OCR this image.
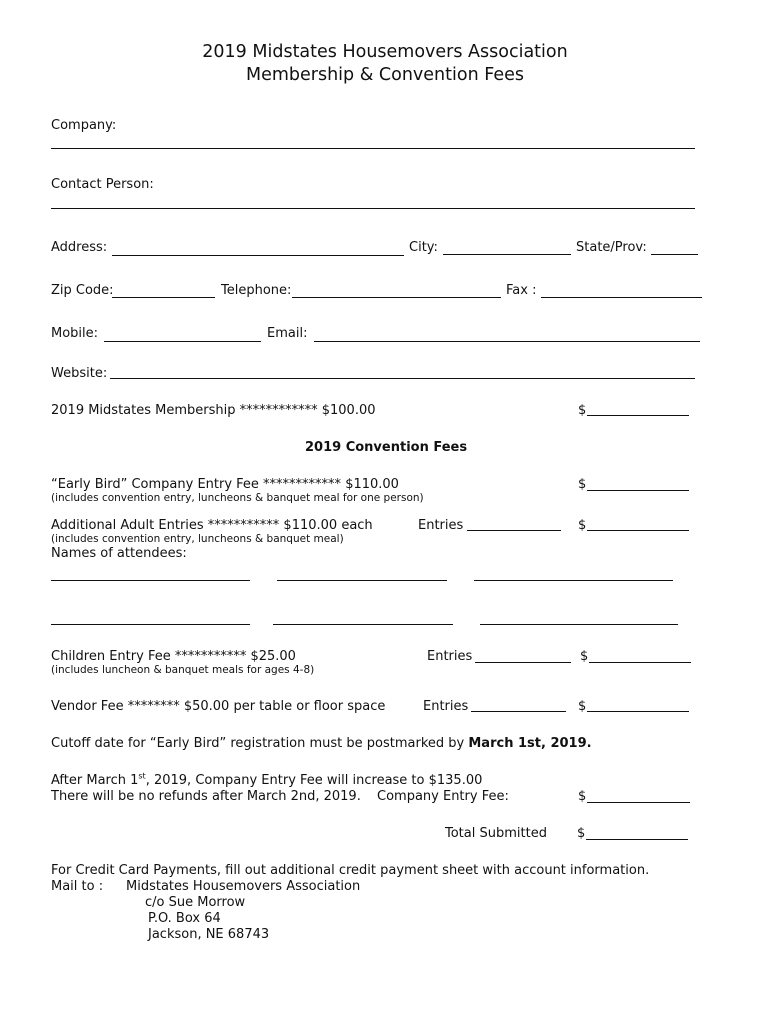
2019 Midstates Housemovers Association
Membership & Convention Fees
Company:
Contact Person:
Address:	City:	State/Prov:
Zip Code:	Telephone:	Fax :
Mobile:	Email:
Website:
2019 Midstates Membership ************ $100.00	$
2019 Convention Fees
“Early Bird” Company Entry Fee ************ $110.00	$
(includes convention entry, luncheons & banquet meal for one person)
Additional Adult Entries *********** $110.00 each	Entries	$
(includes convention entry, luncheons & banquet meal)
Names of attendees:
Children Entry Fee *********** $25.00	Entries	$
(includes luncheon & banquet meals for ages 4-8)
Vendor Fee ******** $50.00 per table or floor space	Entries	$
Cutoff date for “Early Bird” registration must be postmarked by March 1st, 2019.
After March 1st, 2019, Company Entry Fee will increase to $135.00
There will be no refunds after March 2nd, 2019. Company Entry Fee:	$
Total Submitted $
For Credit Card Payments, fill out additional credit payment sheet with account information.
Mail to : Midstates Housemovers Association
c/o Sue Morrow
P.O. Box 64
Jackson, NE 68743
